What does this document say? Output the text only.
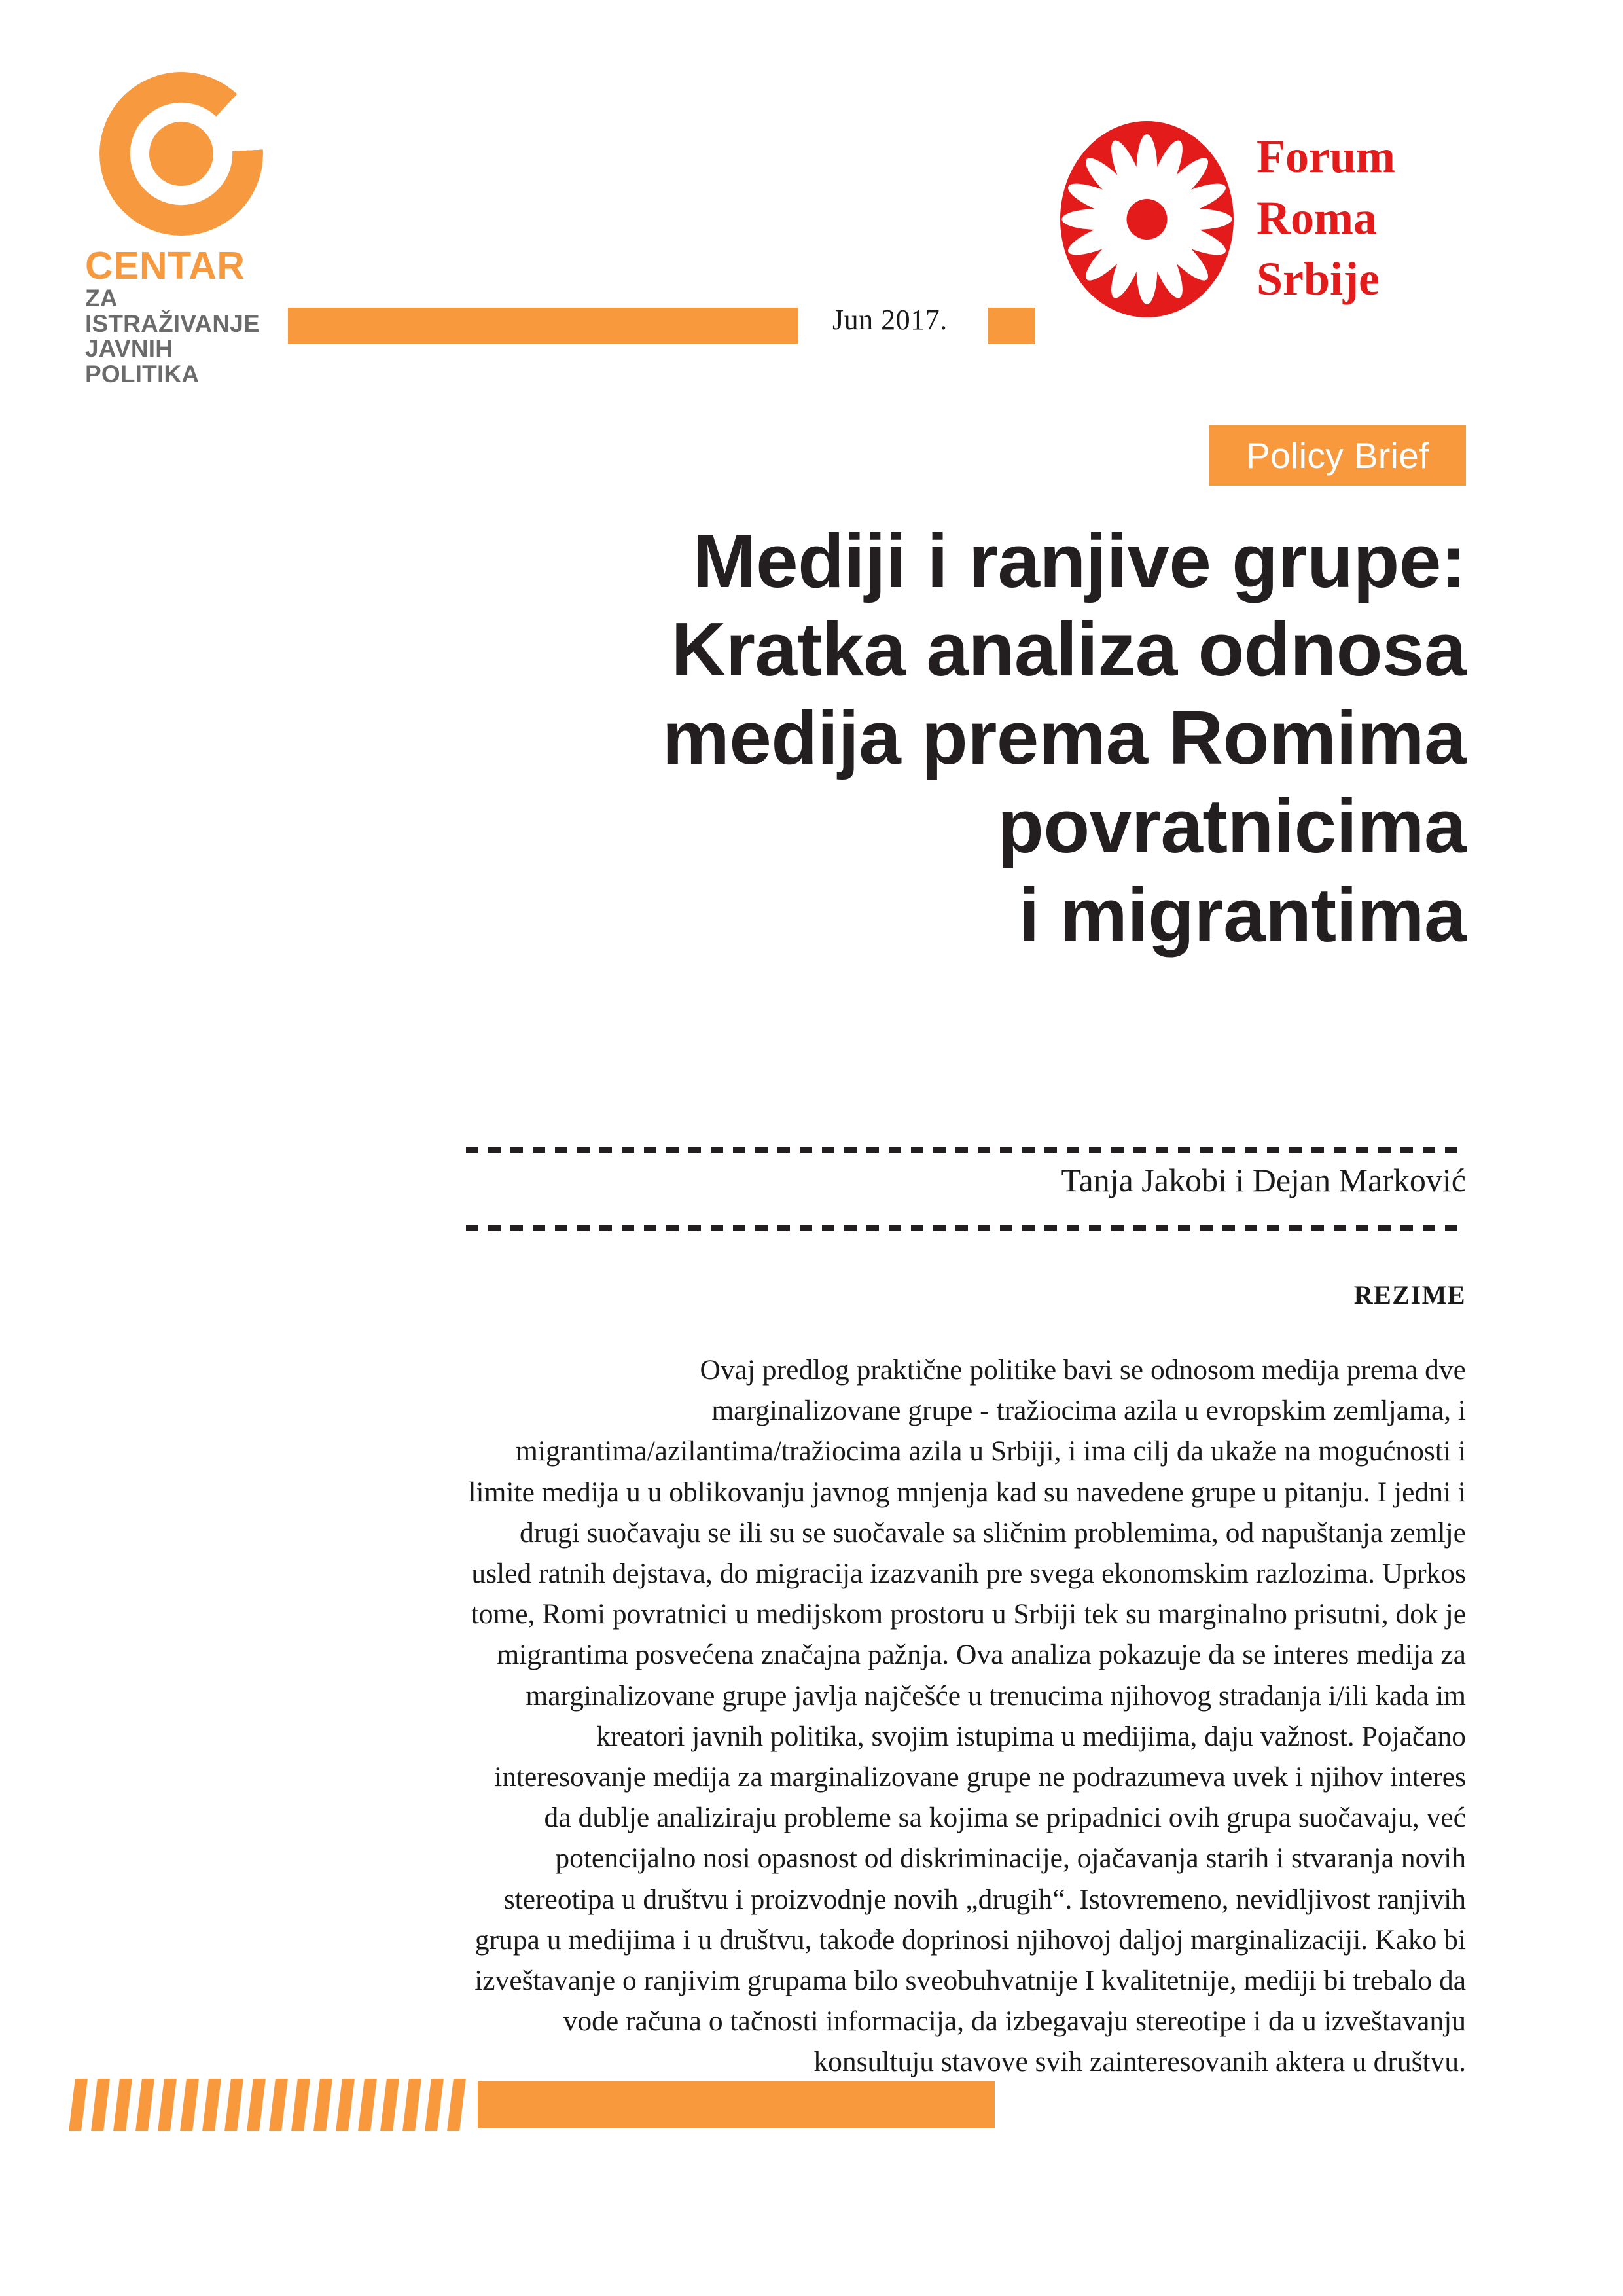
CENTAR
ZA ISTRAŽIVANJE
JAVNIH POLITIKA
Jun 2017.
Forum
Roma
Srbije
Policy Brief
Mediji i ranjive grupe:
Kratka analiza odnosa
medija prema Romima
povratnicima
i migrantima
Tanja Jakobi i Dejan Marković
REZIME
Ovaj predlog praktične politike bavi se odnosom medija prema dve marginalizovane grupe - tražiocima azila u evropskim zemljama, i migrantima/azilantima/tražiocima azila u Srbiji, i ima cilj da ukaže na mogućnosti i limite medija u u oblikovanju javnog mnjenja kad su navedene grupe u pitanju. I jedni i drugi suočavaju se ili su se suočavale sa sličnim problemima, od napuštanja zemlje usled ratnih dejstava, do migracija izazvanih pre svega ekonomskim razlozima. Uprkos tome, Romi povratnici u medijskom prostoru u Srbiji tek su marginalno prisutni, dok je migrantima posvećena značajna pažnja. Ova analiza pokazuje da se interes medija za marginalizovane grupe javlja najčešće u trenucima njihovog stradanja i/ili kada im kreatori javnih politika, svojim istupima u medijima, daju važnost. Pojačano interesovanje medija za marginalizovane grupe ne podrazumeva uvek i njihov interes da dublje analiziraju probleme sa kojima se pripadnici ovih grupa suočavaju, već potencijalno nosi opasnost od diskriminacije, ojačavanja starih i stvaranja novih stereotipa u društvu i proizvodnje novih „drugih“. Istovremeno, nevidljivost ranjivih grupa u medijima i u društvu, takođe doprinosi njihovoj daljoj marginalizaciji. Kako bi izveštavanje o ranjivim grupama bilo sveobuhvatnije I kvalitetnije, mediji bi trebalo da vode računa o tačnosti informacija, da izbegavaju stereotipe i da u izveštavanju konsultuju stavove svih zainteresovanih aktera u društvu.
